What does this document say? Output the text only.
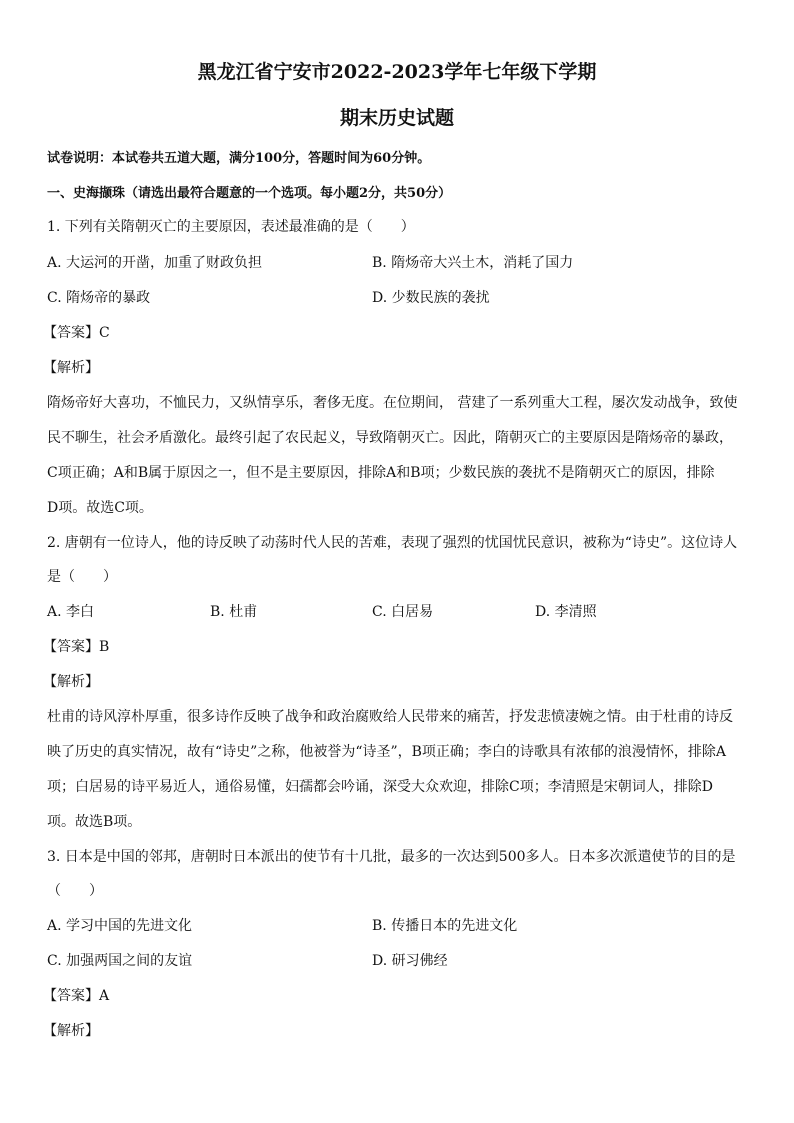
黑龙江省宁安市2022-2023学年七年级下学期
期末历史试题
试卷说明：本试卷共五道大题，满分100分，答题时间为60分钟。
一、史海撷珠（请选出最符合题意的一个选项。每小题2分，共50分）
1. 下列有关隋朝灭亡的主要原因，表述最准确的是（　　）
A. 大运河的开凿，加重了财政负担	B. 隋炀帝大兴土木，消耗了国力
C. 隋炀帝的暴政	D. 少数民族的袭扰
【答案】C
【解析】
隋炀帝好大喜功，不恤民力，又纵情享乐，奢侈无度。在位期间， 营建了一系列重大工程，屡次发动战争，致使
民不聊生，社会矛盾激化。最终引起了农民起义，导致隋朝灭亡。因此，隋朝灭亡的主要原因是隋炀帝的暴政，
C项正确；A和B属于原因之一，但不是主要原因，排除A和B项；少数民族的袭扰不是隋朝灭亡的原因，排除
D项。故选C项。
2. 唐朝有一位诗人，他的诗反映了动荡时代人民的苦难，表现了强烈的忧国忧民意识，被称为“诗史”。这位诗人
是（　　）
A. 李白	B. 杜甫	C. 白居易	D. 李清照
【答案】B
【解析】
杜甫的诗风淳朴厚重，很多诗作反映了战争和政治腐败给人民带来的痛苦，抒发悲愤凄婉之情。由于杜甫的诗反
映了历史的真实情况，故有“诗史”之称，他被誉为“诗圣”，B项正确；李白的诗歌具有浓郁的浪漫情怀，排除A
项；白居易的诗平易近人，通俗易懂，妇孺都会吟诵，深受大众欢迎，排除C项；李清照是宋朝词人，排除D
项。故选B项。
3. 日本是中国的邻邦，唐朝时日本派出的使节有十几批，最多的一次达到500多人。日本多次派遣使节的目的是
（　　）
A. 学习中国的先进文化	B. 传播日本的先进文化
C. 加强两国之间的友谊	D. 研习佛经
【答案】A
【解析】
